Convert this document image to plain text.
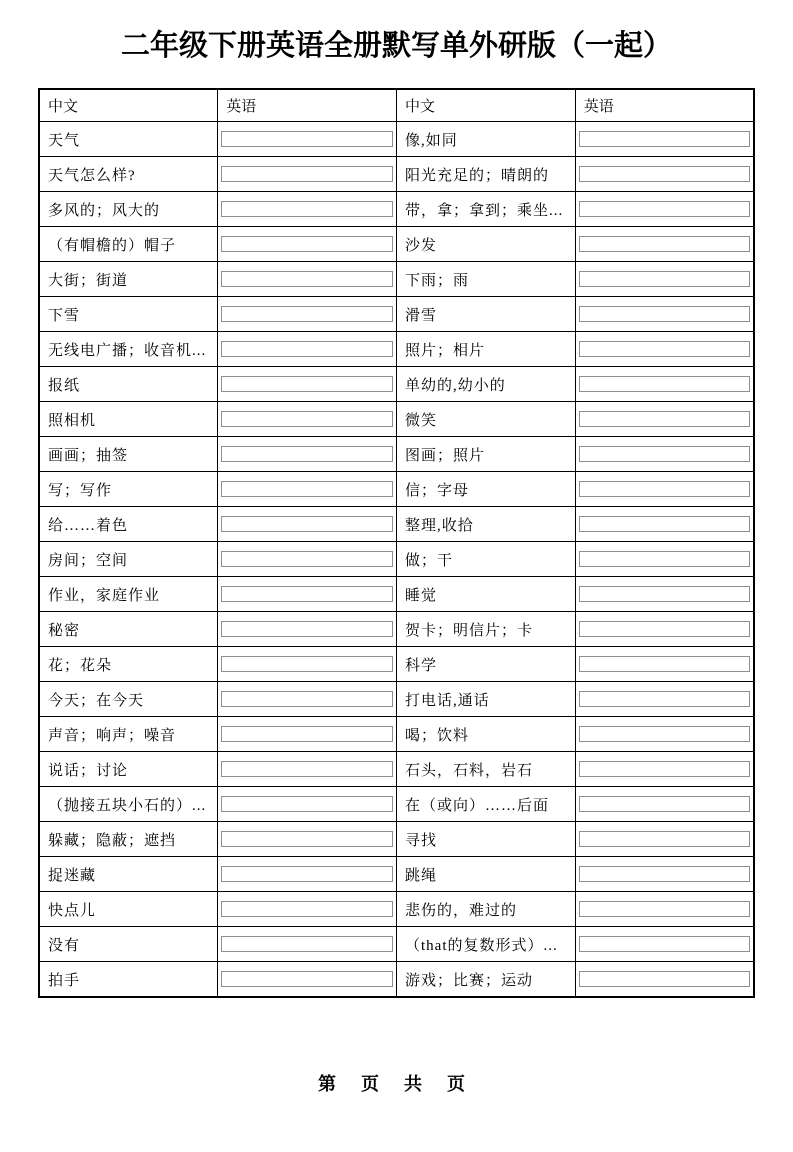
二年级下册英语全册默写单外研版（一起）
中文	英语	中文	英语
天气		像,如同	

天气怎么样?		阳光充足的；晴朗的	

多风的；风大的		带，拿；拿到；乘坐...	

（有帽檐的）帽子		沙发	

大街；街道		下雨；雨	

下雪		滑雪	

无线电广播；收音机...		照片；相片	

报纸		单幼的,幼小的	

照相机		微笑	

画画；抽签		图画；照片	

写；写作		信；字母	

给……着色		整理,收拾	

房间；空间		做；干	

作业，家庭作业		睡觉	

秘密		贺卡；明信片；卡	

花；花朵		科学	

今天；在今天		打电话,通话	

声音；响声；噪音		喝；饮料	

说话；讨论		石头，石料，岩石	

（抛接五块小石的）...		在（或向）……后面	

躲藏；隐蔽；遮挡		寻找	

捉迷藏		跳绳	

快点儿		悲伤的，难过的	

没有		（that的复数形式）...	

拍手		游戏；比赛；运动	
第 页 共 页
